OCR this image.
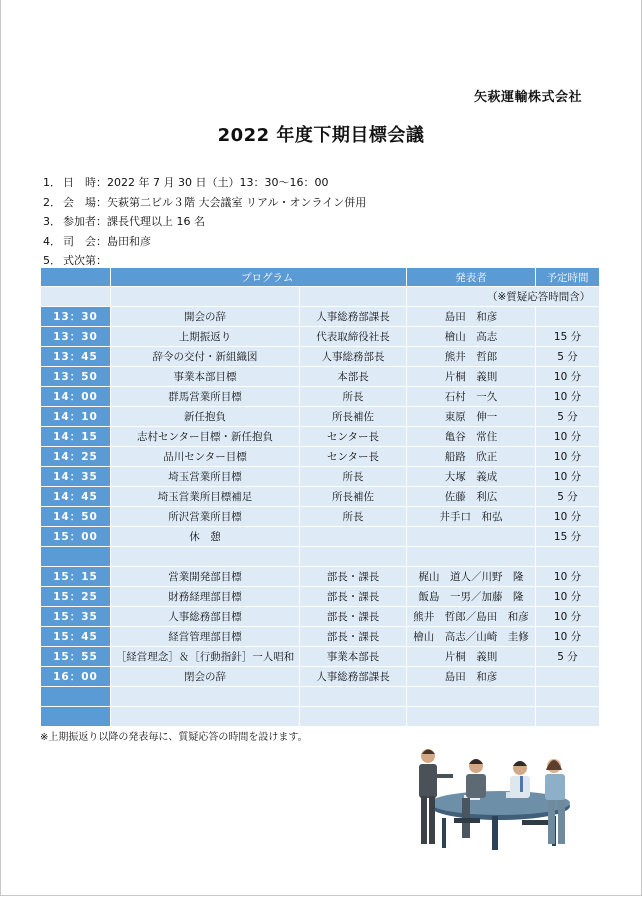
矢萩運輸株式会社
2022 年度下期目標会議
1． 日　時：2022 年 7 月 30 日（土）13：30〜16：00
2． 会　場：矢萩第二ビル３階 大会議室 リアル・オンライン併用
3． 参加者：課長代理以上 16 名
4． 司　会：島田和彦
5． 式次第：
	プログラム		発表者	予定時間
			（※質疑応答時間含）	
13：30	開会の辞	人事総務部課長	島田　和彦	
13：30	上期振返り	代表取締役社長	檜山　高志	15 分
13：45	辞令の交付・新組織図	人事総務部長	熊井　哲郎	5 分
13：50	事業本部目標	本部長	片桐　義則	10 分
14：00	群馬営業所目標	所長	石村　一久	10 分
14：10	新任抱負	所長補佐	東原　伸一	5 分
14：15	志村センター目標・新任抱負	センター長	亀谷　常住	10 分
14：25	品川センター目標	センター長	船路　欣正	10 分
14：35	埼玉営業所目標	所長	大塚　義成	10 分
14：45	埼玉営業所目標補足	所長補佐	佐藤　利広	5 分
14：50	所沢営業所目標	所長	井手口　和弘	10 分
15：00	休　憩			15 分

15：15	営業開発部目標	部長・課長	梶山　道人／川野　隆	10 分
15：25	財務経理部目標	部長・課長	飯島　一男／加藤　隆	10 分
15：35	人事総務部目標	部長・課長	熊井　哲郎／島田　和彦	10 分
15：45	経営管理部目標	部長・課長	檜山　高志／山崎　圭修	10 分
15：55	［経営理念］＆［行動指針］一人唱和	事業本部長	片桐　義則	5 分
16：00	閉会の辞	人事総務部課長	島田　和彦	

※上期振返り以降の発表毎に、質疑応答の時間を設けます。
